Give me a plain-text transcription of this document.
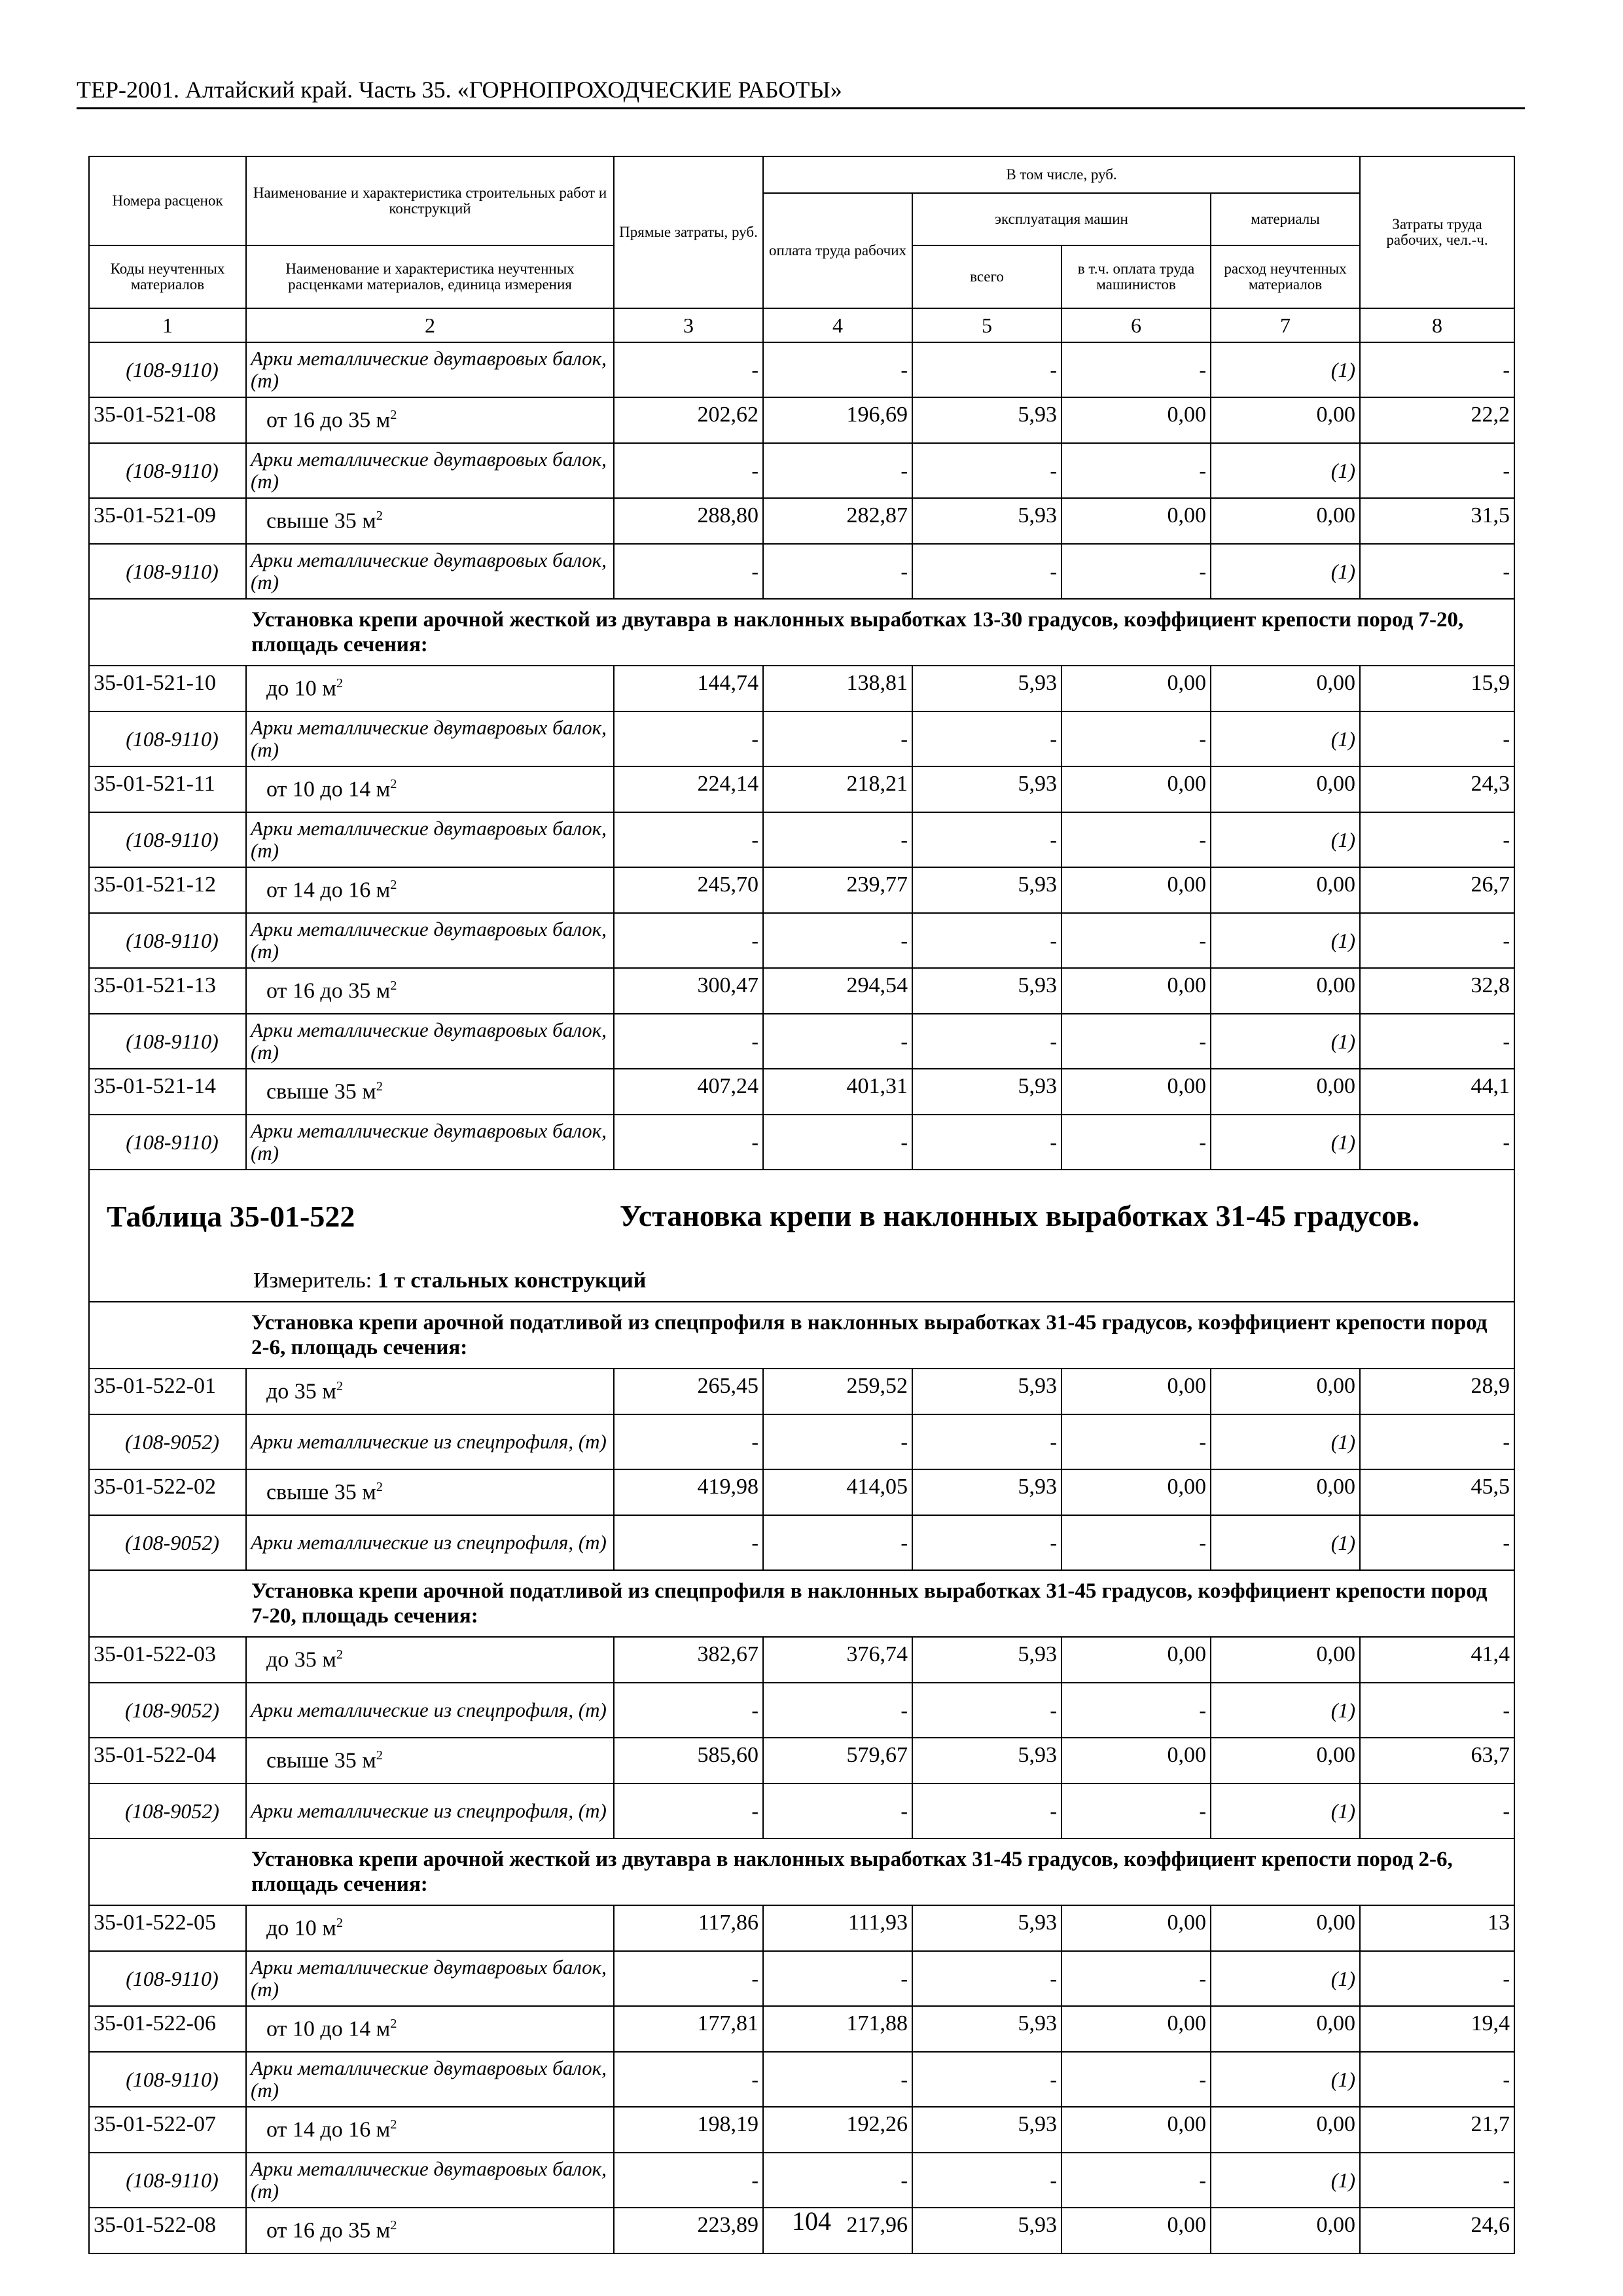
ТЕР-2001. Алтайский край. Часть 35. «ГОРНОПРОХОДЧЕСКИЕ РАБОТЫ»
Номера расценок	Наименование и характеристика строительных работ и конструкций	Прямые затраты, руб.	В том числе, руб.				Затраты труда рабочих, чел.-ч.
			оплата труда рабочих	эксплуатация машин		материалы	
Коды неучтенных материалов	Наименование и характеристика неучтенных расценками материалов, единица измерения			всего	в т.ч. оплата труда машинистов	расход неучтенных материалов	

1	2	3	4	5	6	7	8
(108-9110)	Арки металлические двутавровых балок, (т)	-	-	-	-	(1)	-
35-01-521-08	от 16 до 35 $м^2$	202,62	196,69	5,93	0,00	0,00	22,2
(108-9110)	Арки металлические двутавровых балок, (т)	-	-	-	-	(1)	-
35-01-521-09	свыше 35 $м^2$	288,80	282,87	5,93	0,00	0,00	31,5
(108-9110)	Арки металлические двутавровых балок, (т)	-	-	-	-	(1)	-
	Установка крепи арочной жесткой из двутавра в наклонных выработках 13-30 градусов, коэффициент крепости пород 7-20, площадь сечения:						
35-01-521-10	до 10 $м^2$	144,74	138,81	5,93	0,00	0,00	15,9
(108-9110)	Арки металлические двутавровых балок, (т)	-	-	-	-	(1)	-
35-01-521-11	от 10 до 14 $м^2$	224,14	218,21	5,93	0,00	0,00	24,3
(108-9110)	Арки металлические двутавровых балок, (т)	-	-	-	-	(1)	-
35-01-521-12	от 14 до 16 $м^2$	245,70	239,77	5,93	0,00	0,00	26,7
(108-9110)	Арки металлические двутавровых балок, (т)	-	-	-	-	(1)	-
35-01-521-13	от 16 до 35 $м^2$	300,47	294,54	5,93	0,00	0,00	32,8
(108-9110)	Арки металлические двутавровых балок, (т)	-	-	-	-	(1)	-
35-01-521-14	свыше 35 $м^2$	407,24	401,31	5,93	0,00	0,00	44,1
(108-9110)	Арки металлические двутавровых балок, (т)	-	-	-	-	(1)	-

Таблица 35-01-522 Установка крепи в наклонных выработках 31-45 градусов.
Измеритель: 1 т стальных конструкций							

	Установка крепи арочной податливой из спецпрофиля в наклонных выработках 31-45 градусов, коэффициент крепости пород 2-6, площадь сечения:						
35-01-522-01	до 35 $м^2$	265,45	259,52	5,93	0,00	0,00	28,9
(108-9052)	Арки металлические из спецпрофиля, (т)	-	-	-	-	(1)	-
35-01-522-02	свыше 35 $м^2$	419,98	414,05	5,93	0,00	0,00	45,5
(108-9052)	Арки металлические из спецпрофиля, (т)	-	-	-	-	(1)	-
	Установка крепи арочной податливой из спецпрофиля в наклонных выработках 31-45 градусов, коэффициент крепости пород 7-20, площадь сечения:						
35-01-522-03	до 35 $м^2$	382,67	376,74	5,93	0,00	0,00	41,4
(108-9052)	Арки металлические из спецпрофиля, (т)	-	-	-	-	(1)	-
35-01-522-04	свыше 35 $м^2$	585,60	579,67	5,93	0,00	0,00	63,7
(108-9052)	Арки металлические из спецпрофиля, (т)	-	-	-	-	(1)	-
	Установка крепи арочной жесткой из двутавра в наклонных выработках 31-45 градусов, коэффициент крепости пород 2-6, площадь сечения:						
35-01-522-05	до 10 $м^2$	117,86	111,93	5,93	0,00	0,00	13
(108-9110)	Арки металлические двутавровых балок, (т)	-	-	-	-	(1)	-
35-01-522-06	от 10 до 14 $м^2$	177,81	171,88	5,93	0,00	0,00	19,4
(108-9110)	Арки металлические двутавровых балок, (т)	-	-	-	-	(1)	-
35-01-522-07	от 14 до 16 $м^2$	198,19	192,26	5,93	0,00	0,00	21,7
(108-9110)	Арки металлические двутавровых балок, (т)	-	-	-	-	(1)	-
35-01-522-08	от 16 до 35 $м^2$	223,89	217,96	5,93	0,00	0,00	24,6
104
